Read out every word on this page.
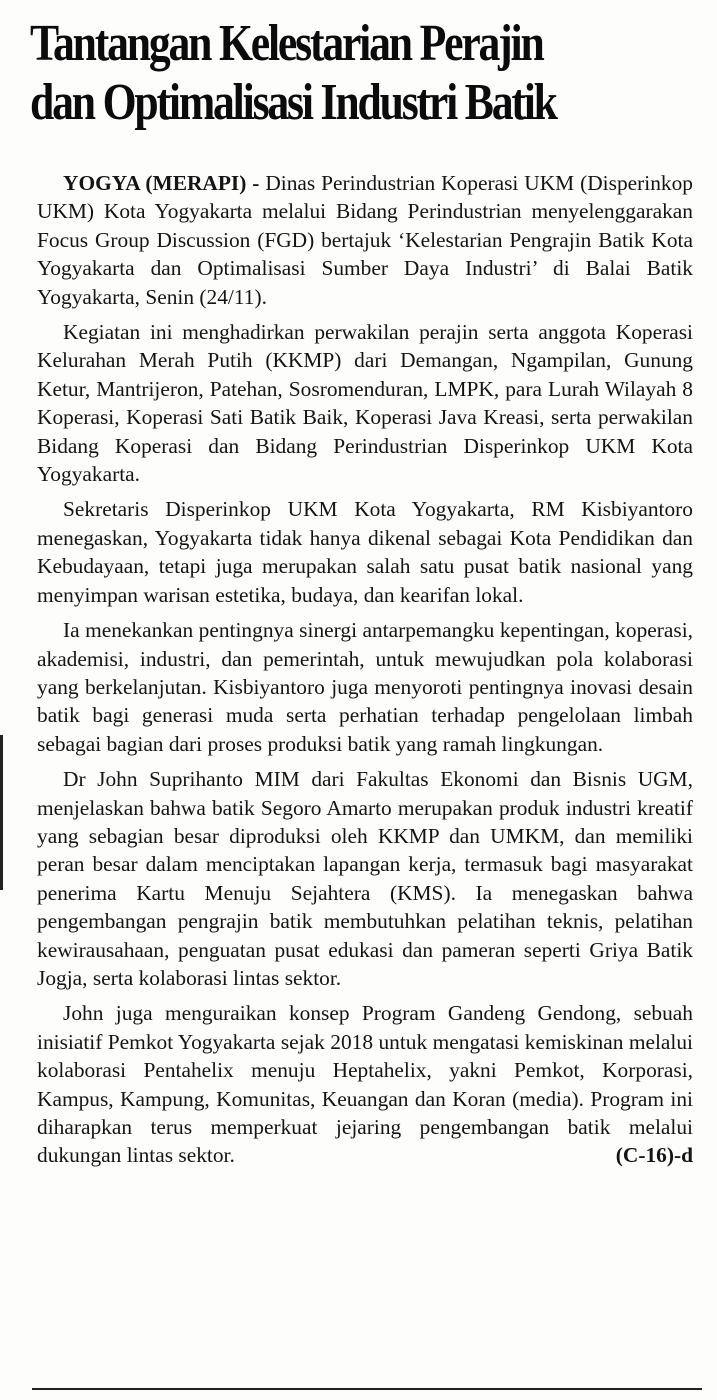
Tantangan Kelestarian Perajin
dan Optimalisasi Industri Batik

YOGYA (MERAPI) - Dinas Perindustrian Koperasi UKM (Disperinkop UKM) Kota Yogyakarta melalui Bidang Perindustrian menyelenggarakan Focus Group Discussion (FGD) bertajuk ‘Kelestarian Pengrajin Batik Kota Yogyakarta dan Optimalisasi Sumber Daya Industri’ di Balai Batik Yogyakarta, Senin (24/11).

Kegiatan ini menghadirkan perwakilan perajin serta anggota Koperasi Kelurahan Merah Putih (KKMP) dari Demangan, Ngampilan, Gunung Ketur, Mantrijeron, Patehan, Sosromenduran, LMPK, para Lurah Wilayah 8 Koperasi, Koperasi Sati Batik Baik, Koperasi Java Kreasi, serta perwakilan Bidang Koperasi dan Bidang Perindustrian Disperinkop UKM Kota Yogyakarta.

Sekretaris Disperinkop UKM Kota Yogyakarta, RM Kisbiyantoro menegaskan, Yogyakarta tidak hanya dikenal sebagai Kota Pendidikan dan Kebudayaan, tetapi juga merupakan salah satu pusat batik nasional yang menyimpan warisan estetika, budaya, dan kearifan lokal.

Ia menekankan pentingnya sinergi antarpemangku kepentingan, koperasi, akademisi, industri, dan pemerintah, untuk mewujudkan pola kolaborasi yang berkelanjutan. Kisbiyantoro juga menyoroti pentingnya inovasi desain batik bagi generasi muda serta perhatian terhadap pengelolaan limbah sebagai bagian dari proses produksi batik yang ramah lingkungan.

Dr John Suprihanto MIM dari Fakultas Ekonomi dan Bisnis UGM, menjelaskan bahwa batik Segoro Amarto merupakan produk industri kreatif yang sebagian besar diproduksi oleh KKMP dan UMKM, dan memiliki peran besar dalam menciptakan lapangan kerja, termasuk bagi masyarakat penerima Kartu Menuju Sejahtera (KMS). Ia menegaskan bahwa pengembangan pengrajin batik membutuhkan pelatihan teknis, pelatihan kewirausahaan, penguatan pusat edukasi dan pameran seperti Griya Batik Jogja, serta kolaborasi lintas sektor.

John juga menguraikan konsep Program Gandeng Gendong, sebuah inisiatif Pemkot Yogyakarta sejak 2018 untuk mengatasi kemiskinan melalui kolaborasi Pentahelix menuju Heptahelix, yakni Pemkot, Korporasi, Kampus, Kampung, Komunitas, Keuangan dan Koran (media). Program ini diharapkan terus memperkuat jejaring pengembangan batik melalui dukungan lintas sektor.	(C-16)-d
